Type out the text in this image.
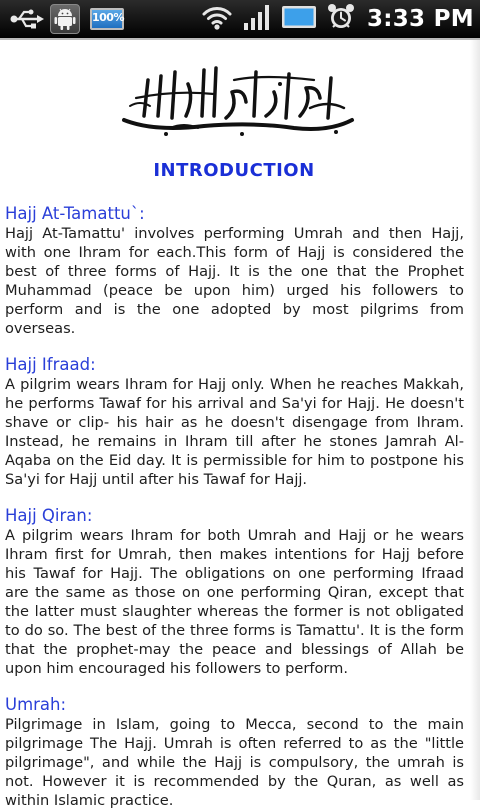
100%	3:33 PM
INTRODUCTION
Hajj At-Tamattu`:

Hajj At-Tamattu' involves performing Umrah and then Hajj, with one Ihram for each.This form of Hajj is considered the best of three forms of Hajj. It is the one that the Prophet Muhammad (peace be upon him) urged his followers to perform and is the one adopted by most pilgrims from overseas.

Hajj Ifraad:

A pilgrim wears Ihram for Hajj only. When he reaches Makkah, he performs Tawaf for his arrival and Sa'yi for Hajj. He doesn't shave or clip- his hair as he doesn't disengage from Ihram. Instead, he remains in Ihram till after he stones Jamrah Al-Aqaba on the Eid day. It is permissible for him to postpone his Sa'yi for Hajj until after his Tawaf for Hajj.

Hajj Qiran:

A pilgrim wears Ihram for both Umrah and Hajj or he wears Ihram first for Umrah, then makes intentions for Hajj before his Tawaf for Hajj. The obligations on one performing Ifraad are the same as those on one performing Qiran, except that the latter must slaughter whereas the former is not obligated to do so. The best of the three forms is Tamattu'. It is the form that the prophet-may the peace and blessings of Allah be upon him encouraged his followers to perform.

Umrah:

Pilgrimage in Islam, going to Mecca, second to the main pilgrimage The Hajj. Umrah is often referred to as the "little pilgrimage", and while the Hajj is compulsory, the umrah is not. However it is recommended by the Quran, as well as within Islamic practice.
